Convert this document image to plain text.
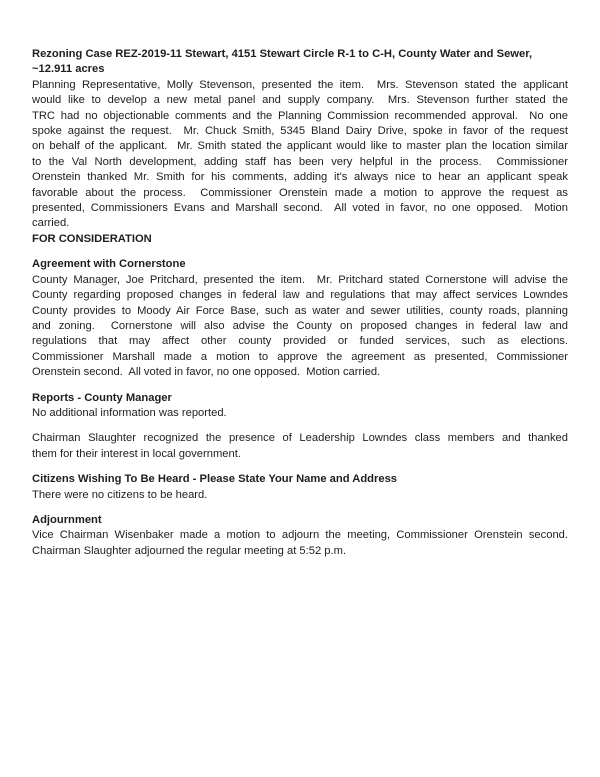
Rezoning Case REZ-2019-11 Stewart, 4151 Stewart Circle R-1 to C-H, County Water and Sewer,
~12.911 acres
Planning Representative, Molly Stevenson, presented the item.  Mrs. Stevenson stated the applicant
would like to develop a new metal panel and supply company.  Mrs. Stevenson further stated the
TRC had no objectionable comments and the Planning Commission recommended approval.  No one
spoke against the request.  Mr. Chuck Smith, 5345 Bland Dairy Drive, spoke in favor of the request
on behalf of the applicant.  Mr. Smith stated the applicant would like to master plan the location similar
to the Val North development, adding staff has been very helpful in the process.  Commissioner
Orenstein thanked Mr. Smith for his comments, adding it's always nice to hear an applicant speak
favorable about the process.  Commissioner Orenstein made a motion to approve the request as
presented, Commissioners Evans and Marshall second.  All voted in favor, no one opposed.  Motion
carried.
FOR CONSIDERATION
Agreement with Cornerstone
County Manager, Joe Pritchard, presented the item.  Mr. Pritchard stated Cornerstone will advise the
County regarding proposed changes in federal law and regulations that may affect services Lowndes
County provides to Moody Air Force Base, such as water and sewer utilities, county roads, planning
and zoning.  Cornerstone will also advise the County on proposed changes in federal law and
regulations that may affect other county provided or funded services, such as elections.
Commissioner Marshall made a motion to approve the agreement as presented, Commissioner
Orenstein second.  All voted in favor, no one opposed.  Motion carried.
Reports - County Manager
No additional information was reported.
Chairman Slaughter recognized the presence of Leadership Lowndes class members and thanked
them for their interest in local government.
Citizens Wishing To Be Heard - Please State Your Name and Address
There were no citizens to be heard.
Adjournment
Vice Chairman Wisenbaker made a motion to adjourn the meeting, Commissioner Orenstein second.
Chairman Slaughter adjourned the regular meeting at 5:52 p.m.
